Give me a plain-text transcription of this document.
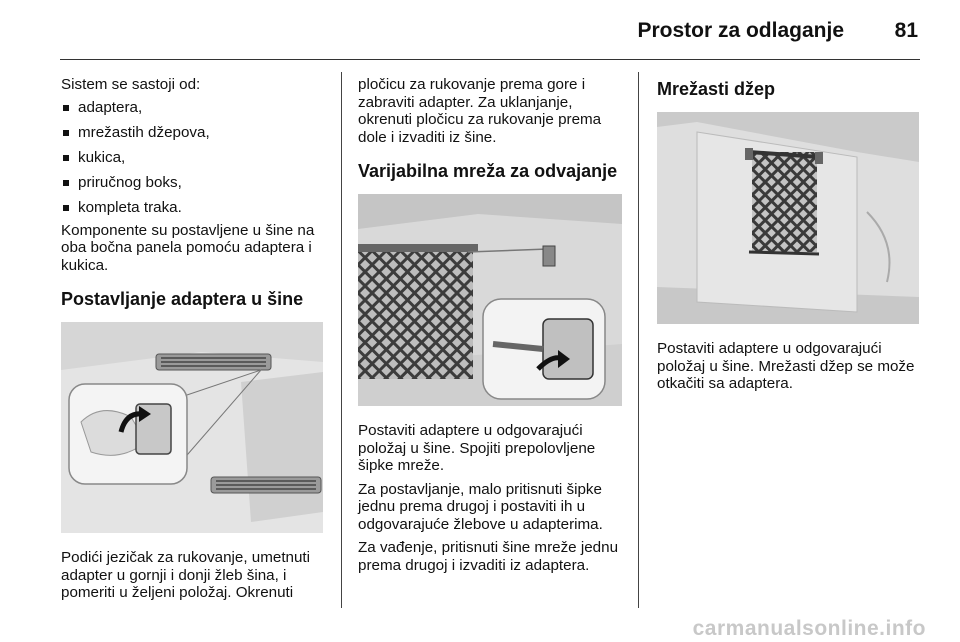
Prostor za odlaganje 81

Sistem se sastoji od:

adaptera,
mrežastih džepova,
kukica,
priručnog boks,
kompleta traka.

Komponente su postavljene u šine na oba bočna panela pomoću adaptera i kukica.

Postavljanje adaptera u šine

Podići jezičak za rukovanje, umetnuti adapter u gornji i donji žleb šina, i pomeriti u željeni položaj. Okrenuti

pločicu za rukovanje prema gore i zabraviti adapter. Za uklanjanje, okrenuti pločicu za rukovanje prema dole i izvaditi iz šine.

Varijabilna mreža za odvajanje

Postaviti adaptere u odgovarajući položaj u šine. Spojiti prepolovljene šipke mreže.

Za postavljanje, malo pritisnuti šipke jednu prema drugoj i postaviti ih u odgovarajuće žlebove u adapterima.

Za vađenje, pritisnuti šine mreže jednu prema drugoj i izvaditi iz adaptera.

Mrežasti džep

Postaviti adaptere u odgovarajući položaj u šine. Mrežasti džep se može otkačiti sa adaptera.

carmanualsonline.info
